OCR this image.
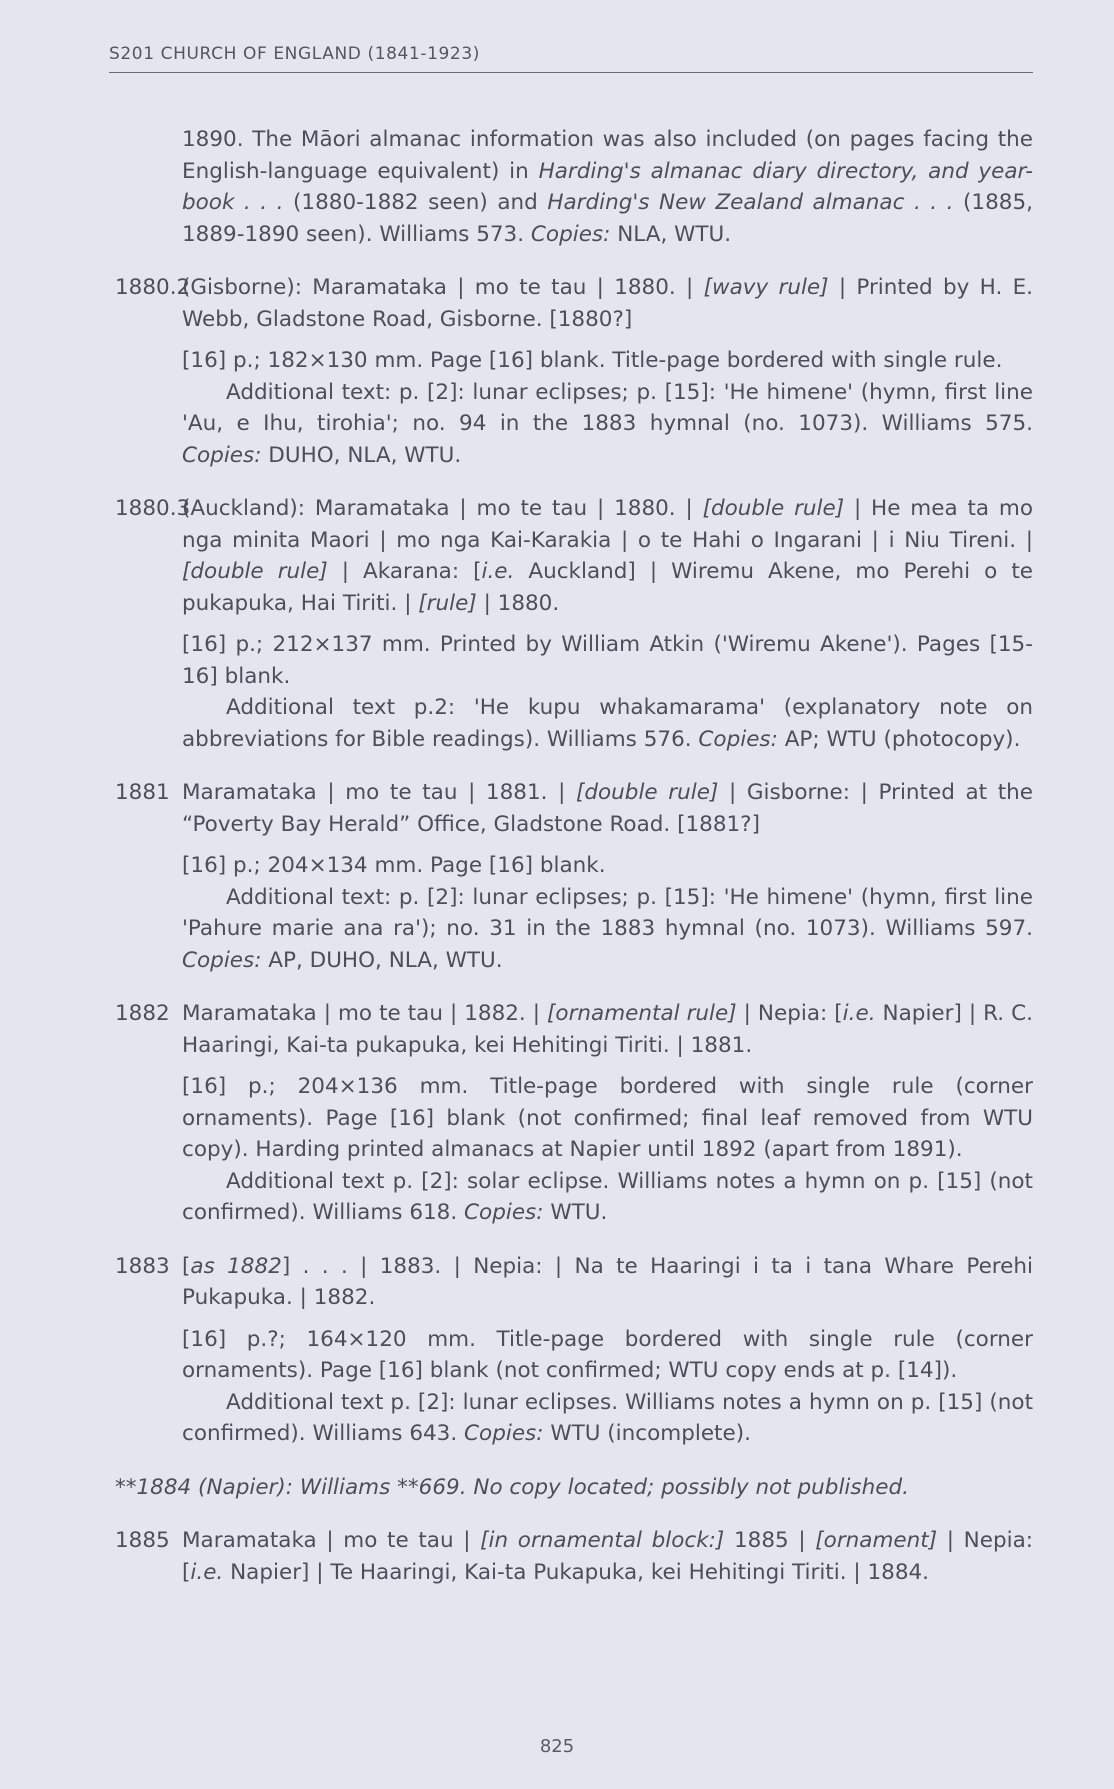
S201 CHURCH OF ENGLAND (1841-1923)

1890. The Māori almanac information was also included (on pages facing the English-language equivalent) in Harding's almanac diary directory, and year-book . . . (1880-1882 seen) and Harding's New Zealand almanac . . . (1885, 1889-1890 seen). Williams 573. Copies: NLA, WTU.

1880.2
(Gisborne): Maramataka | mo te tau | 1880. | [wavy rule] | Printed by H. E. Webb, Gladstone Road, Gisborne. [1880?]
[16] p.; 182×130 mm. Page [16] blank. Title-page bordered with single rule.
Additional text: p. [2]: lunar eclipses; p. [15]: 'He himene' (hymn, first line 'Au, e Ihu, tirohia'; no. 94 in the 1883 hymnal (no. 1073). Williams 575. Copies: DUHO, NLA, WTU.
1880.3
(Auckland): Maramataka | mo te tau | 1880. | [double rule] | He mea ta mo nga minita Maori | mo nga Kai-Karakia | o te Hahi o Ingarani | i Niu Tireni. | [double rule] | Akarana: [i.e. Auckland] | Wiremu Akene, mo Perehi o te pukapuka, Hai Tiriti. | [rule] | 1880.
[16] p.; 212×137 mm. Printed by William Atkin ('Wiremu Akene'). Pages [15-16] blank.
Additional text p.2: 'He kupu whakamarama' (explanatory note on abbreviations for Bible readings). Williams 576. Copies: AP; WTU (photocopy).
1881 Maramataka | mo te tau | 1881. | [double rule] | Gisborne: | Printed at the “Poverty Bay Herald” Office, Gladstone Road. [1881?]
[16] p.; 204×134 mm. Page [16] blank.
Additional text: p. [2]: lunar eclipses; p. [15]: 'He himene' (hymn, first line 'Pahure marie ana ra'); no. 31 in the 1883 hymnal (no. 1073). Williams 597. Copies: AP, DUHO, NLA, WTU.
1882 Maramataka | mo te tau | 1882. | [ornamental rule] | Nepia: [i.e. Napier] | R. C. Haaringi, Kai-ta pukapuka, kei Hehitingi Tiriti. | 1881.
[16] p.; 204×136 mm. Title-page bordered with single rule (corner ornaments). Page [16] blank (not confirmed; final leaf removed from WTU copy). Harding printed almanacs at Napier until 1892 (apart from 1891).
Additional text p. [2]: solar eclipse. Williams notes a hymn on p. [15] (not confirmed). Williams 618. Copies: WTU.
1883 [as 1882] . . . | 1883. | Nepia: | Na te Haaringi i ta i tana Whare Perehi Pukapuka. | 1882.
[16] p.?; 164×120 mm. Title-page bordered with single rule (corner ornaments). Page [16] blank (not confirmed; WTU copy ends at p. [14]).
Additional text p. [2]: lunar eclipses. Williams notes a hymn on p. [15] (not confirmed). Williams 643. Copies: WTU (incomplete).

**1884 (Napier): Williams **669. No copy located; possibly not published.

1885 Maramataka | mo te tau | [in ornamental block:] 1885 | [ornament] | Nepia: [i.e. Napier] | Te Haaringi, Kai-ta Pukapuka, kei Hehitingi Tiriti. | 1884.
825
